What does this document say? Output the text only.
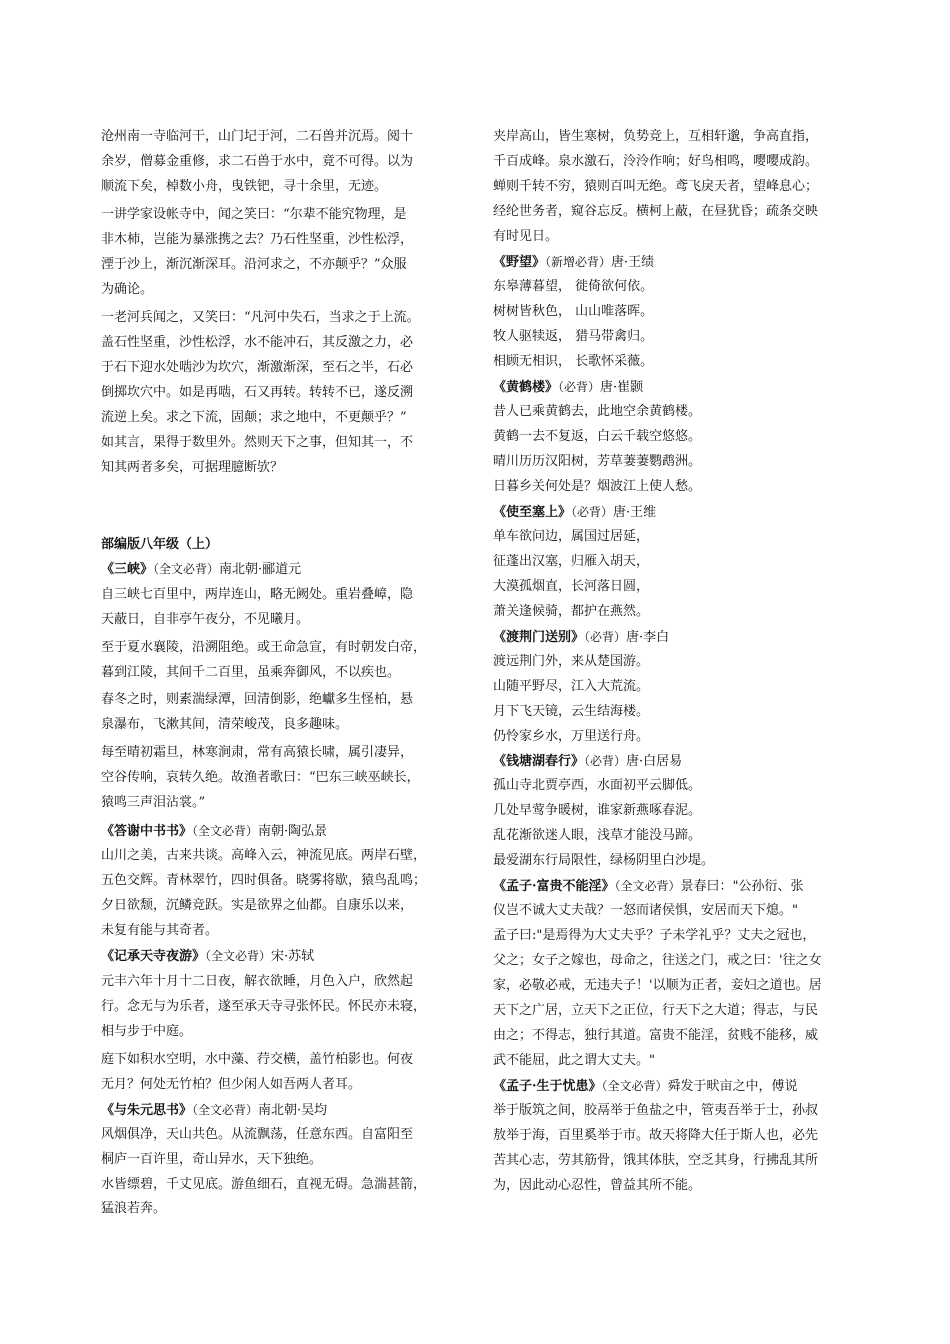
沧州南一寺临河干，山门圮于河，二石兽并沉焉。阅十
余岁，僧募金重修，求二石兽于水中，竟不可得。以为
顺流下矣，棹数小舟，曳铁钯，寻十余里，无迹。
一讲学家设帐寺中，闻之笑曰：“尔辈不能究物理，是
非木杮，岂能为暴涨携之去？乃石性坚重，沙性松浮，
湮于沙上，渐沉渐深耳。沿河求之，不亦颠乎？”众服
为确论。
一老河兵闻之，又笑曰：“凡河中失石，当求之于上流。
盖石性坚重，沙性松浮，水不能冲石，其反激之力，必
于石下迎水处啮沙为坎穴，渐激渐深，至石之半，石必
倒掷坎穴中。如是再啮，石又再转。转转不已，遂反溯
流逆上矣。求之下流，固颠；求之地中，不更颠乎？”
如其言，果得于数里外。然则天下之事，但知其一，不
知其两者多矣，可据理臆断欤？
部编版八年级（上）
《三峡》（全文必背）南北朝·郦道元
自三峡七百里中，两岸连山，略无阙处。重岩叠嶂，隐
天蔽日，自非亭午夜分，不见曦月。
至于夏水襄陵，沿溯阻绝。或王命急宣，有时朝发白帝，
暮到江陵，其间千二百里，虽乘奔御风，不以疾也。
春冬之时，则素湍绿潭，回清倒影，绝巘多生怪柏，悬
泉瀑布，飞漱其间，清荣峻茂，良多趣味。
每至晴初霜旦，林寒涧肃，常有高猿长啸，属引凄异，
空谷传响，哀转久绝。故渔者歌曰：“巴东三峡巫峡长，
猿鸣三声泪沾裳。”
《答谢中书书》（全文必背）南朝·陶弘景
山川之美，古来共谈。高峰入云，神流见底。两岸石壁，
五色交辉。青林翠竹，四时俱备。晓雾将歇，猿鸟乱鸣；
夕日欲颓，沉鳞竞跃。实是欲界之仙都。自康乐以来，
未复有能与其奇者。
《记承天寺夜游》（全文必背）宋·苏轼
元丰六年十月十二日夜，解衣欲睡，月色入户，欣然起
行。念无与为乐者，遂至承天寺寻张怀民。怀民亦未寝，
相与步于中庭。
庭下如积水空明，水中藻、荇交横，盖竹柏影也。何夜
无月？何处无竹柏？但少闲人如吾两人者耳。
《与朱元思书》（全文必背）南北朝·吴均
风烟俱净，天山共色。从流飘荡，任意东西。自富阳至
桐庐一百许里，奇山异水，天下独绝。
水皆缥碧，千丈见底。游鱼细石，直视无碍。急湍甚箭，
猛浪若奔。
夹岸高山，皆生寒树，负势竞上，互相轩邈，争高直指，
千百成峰。泉水激石，泠泠作响；好鸟相鸣，嘤嘤成韵。
蝉则千转不穷，猿则百叫无绝。鸢飞戾天者，望峰息心；
经纶世务者，窥谷忘反。横柯上蔽，在昼犹昏；疏条交映
有时见日。
《野望》（新增必背）唐·王绩
东皋薄暮望， 徙倚欲何依。
树树皆秋色， 山山唯落晖。
牧人驱犊返， 猎马带禽归。
相顾无相识， 长歌怀采薇。
《黄鹤楼》（必背）唐·崔颢
昔人已乘黄鹤去，此地空余黄鹤楼。
黄鹤一去不复返，白云千载空悠悠。
晴川历历汉阳树，芳草萋萋鹦鹉洲。
日暮乡关何处是？烟波江上使人愁。
《使至塞上》（必背）唐·王维
单车欲问边，属国过居延，
征蓬出汉塞，归雁入胡天，
大漠孤烟直，长河落日圆，
萧关逢候骑，都护在燕然。
《渡荆门送别》（必背）唐·李白
渡远荆门外，来从楚国游。
山随平野尽，江入大荒流。
月下飞天镜，云生结海楼。
仍怜家乡水，万里送行舟。
《钱塘湖春行》（必背）唐·白居易
孤山寺北贾亭西，水面初平云脚低。
几处早莺争暖树，谁家新燕啄春泥。
乱花渐欲迷人眼，浅草才能没马蹄。
最爱湖东行局限性，绿杨阴里白沙堤。
《孟子·富贵不能淫》（全文必背）景春曰："公孙衍、张
仪岂不诚大丈夫哉？一怒而诸侯惧，安居而天下熄。"
孟子曰:"是焉得为大丈夫乎？子未学礼乎？丈夫之冠也，
父之；女子之嫁也，母命之，往送之门，戒之曰：'往之女
家，必敬必戒，无违夫子！'以顺为正者，妾妇之道也。居
天下之广居，立天下之正位，行天下之大道；得志，与民
由之；不得志，独行其道。富贵不能淫，贫贱不能移，威
武不能屈，此之谓大丈夫。"
《孟子·生于忧患》（全文必背）舜发于畎亩之中，傅说
举于版筑之间，胶鬲举于鱼盐之中，管夷吾举于士，孙叔
敖举于海，百里奚举于市。故天将降大任于斯人也，必先
苦其心志，劳其筋骨，饿其体肤，空乏其身，行拂乱其所
为，因此动心忍性，曾益其所不能。
